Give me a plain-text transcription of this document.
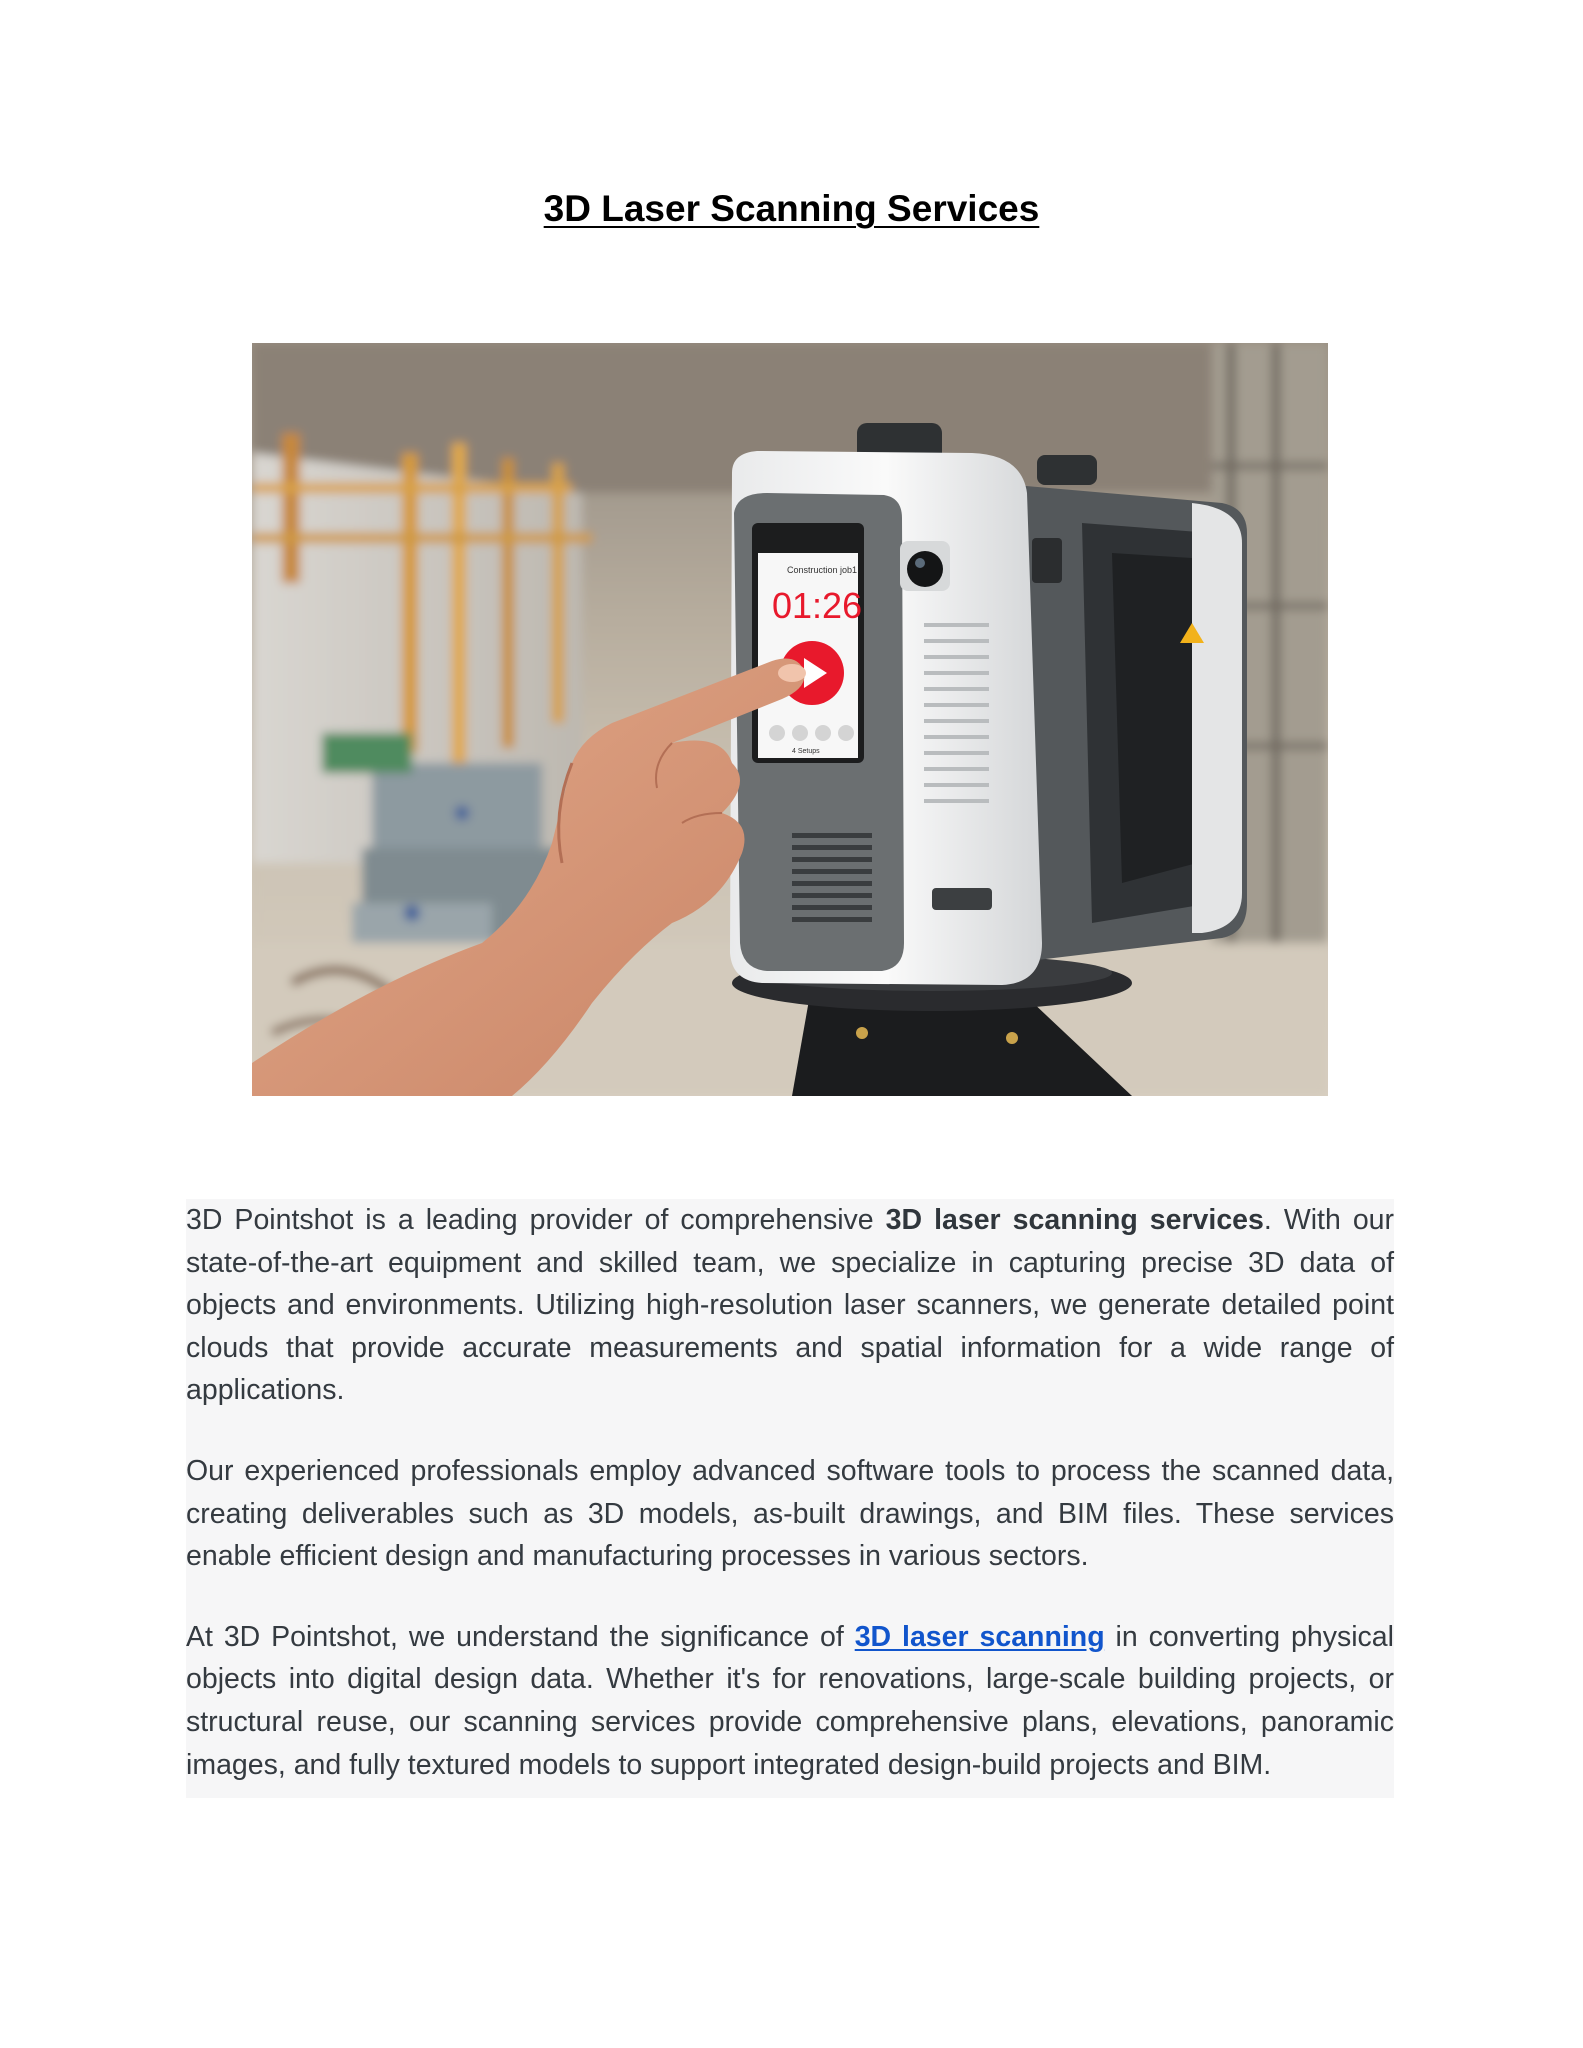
3D Laser Scanning Services
Construction job1
01:26
4 Setups

3D Pointshot is a leading provider of comprehensive 3D laser scanning services. With our state-of-the-art equipment and skilled team, we specialize in capturing precise 3D data of objects and environments. Utilizing high-resolution laser scanners, we generate detailed point clouds that provide accurate measurements and spatial information for a wide range of applications.

Our experienced professionals employ advanced software tools to process the scanned data, creating deliverables such as 3D models, as-built drawings, and BIM files. These services enable efficient design and manufacturing processes in various sectors.

At 3D Pointshot, we understand the significance of 3D laser scanning in converting physical objects into digital design data. Whether it's for renovations, large-scale building projects, or structural reuse, our scanning services provide comprehensive plans, elevations, panoramic images, and fully textured models to support integrated design-build projects and BIM.
